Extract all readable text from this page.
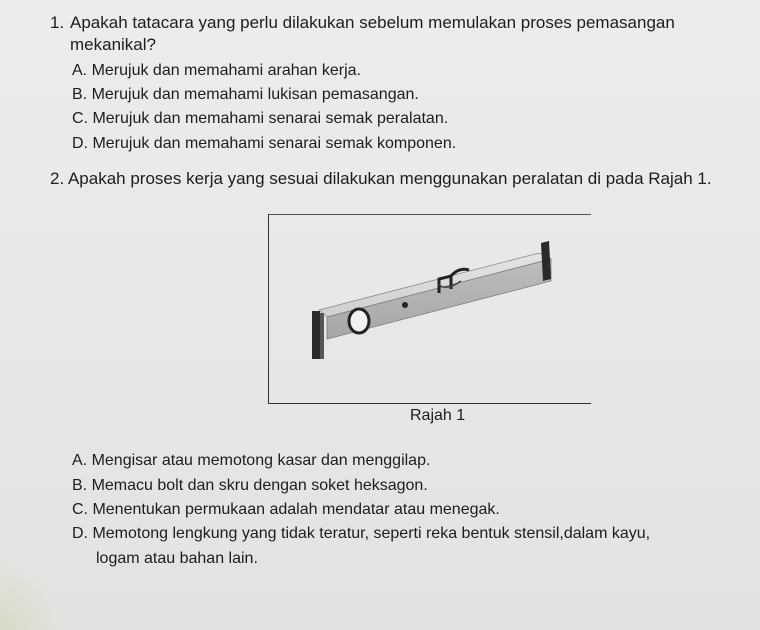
1. Apakah tatacara yang perlu dilakukan sebelum memulakan proses pemasangan
mekanikal?
A. Merujuk dan memahami arahan kerja.
B. Merujuk dan memahami lukisan pemasangan.
C. Merujuk dan memahami senarai semak peralatan.
D. Merujuk dan memahami senarai semak komponen.
2. Apakah proses kerja yang sesuai dilakukan menggunakan peralatan di pada Rajah 1.
Rajah 1
A. Mengisar atau memotong kasar dan menggilap.
B. Memacu bolt dan skru dengan soket heksagon.
C. Menentukan permukaan adalah mendatar atau menegak.
D. Memotong lengkung yang tidak teratur, seperti reka bentuk stensil,dalam kayu,
logam atau bahan lain.
